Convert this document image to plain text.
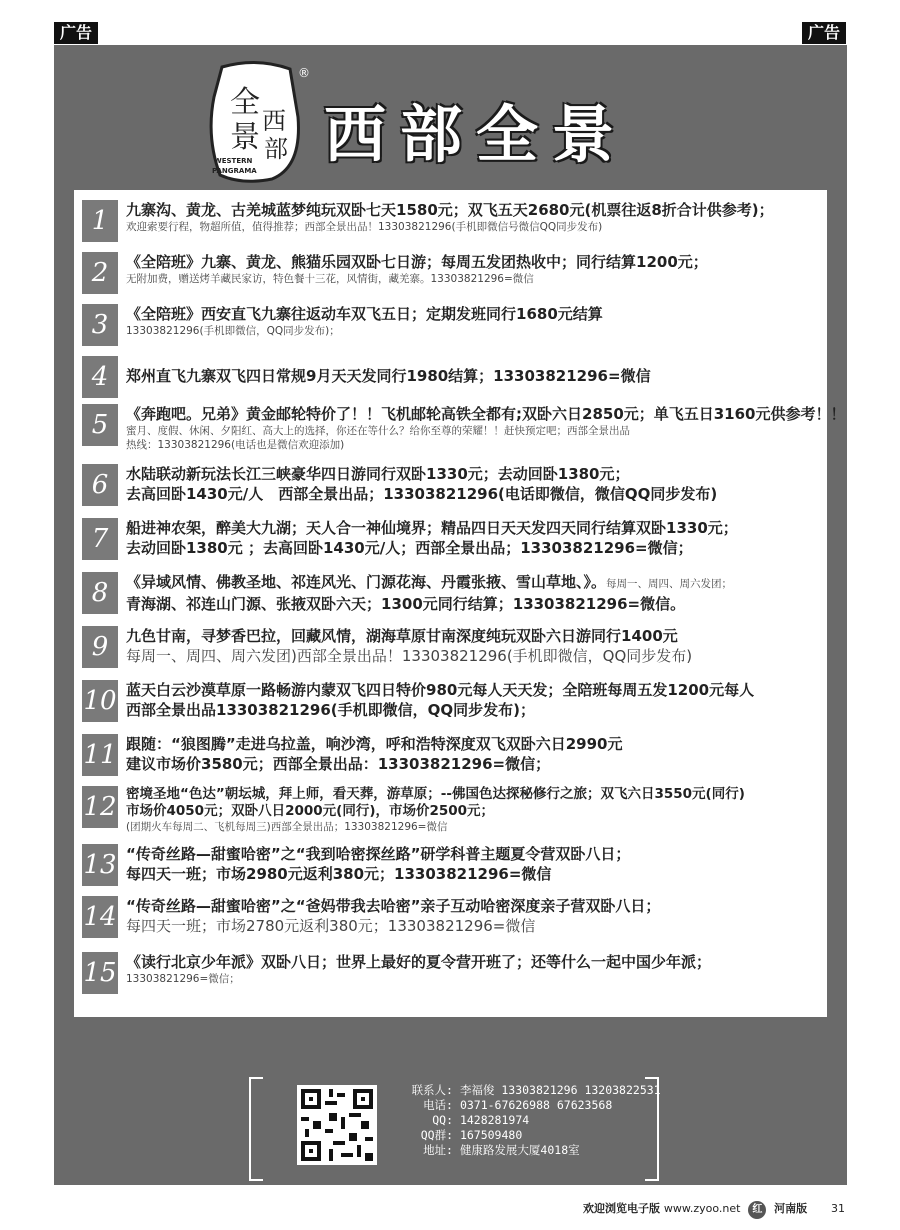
广告	广告
全
景 西
部
WESTERN
PANGRAMA
®
西部全景
1	九寨沟、黄龙、古羌城蓝梦纯玩双卧七天1580元；双飞五天2680元(机票往返8折合计供参考)；
欢迎索要行程，物超所值，值得推荐；西部全景出品！13303821296(手机即微信号微信QQ同步发布)
2	《全陪班》九寨、黄龙、熊猫乐园双卧七日游；每周五发团热收中；同行结算1200元；
无附加费，赠送烤羊藏民家访，特色餐十三花，风情街，藏羌寨。13303821296=微信
3	《全陪班》西安直飞九寨往返动车双飞五日；定期发班同行1680元结算
13303821296(手机即微信，QQ同步发布)；
4	郑州直飞九寨双飞四日常规9月天天发同行1980结算；13303821296=微信
5	《奔跑吧。兄弟》黄金邮轮特价了！！飞机邮轮高铁全都有;双卧六日2850元；单飞五日3160元供参考！！
蜜月、度假、休闲、夕阳红、高大上的选择，你还在等什么？给你至尊的荣耀！！赶快预定吧；西部全景出品
热线：13303821296(电话也是微信欢迎添加)
6	水陆联动新玩法长江三峡豪华四日游同行双卧1330元；去动回卧1380元；
去高回卧1430元/人　西部全景出品；13303821296(电话即微信，微信QQ同步发布)
7	船进神农架，醉美大九湖；天人合一神仙境界；精品四日天天发四天同行结算双卧1330元；
去动回卧1380元 ；去高回卧1430元/人；西部全景出品；13303821296=微信；
8	《异域风情、佛教圣地、祁连风光、门源花海、丹霞张掖、雪山草地、》。每周一、周四、周六发团；
青海湖、祁连山门源、张掖双卧六天；1300元同行结算；13303821296=微信。
9	九色甘南，寻梦香巴拉，回藏风情，湖海草原甘南深度纯玩双卧六日游同行1400元
每周一、周四、周六发团)西部全景出品！13303821296(手机即微信，QQ同步发布)
10 蓝天白云沙漠草原一路畅游内蒙双飞四日特价980元每人天天发；全陪班每周五发1200元每人
西部全景出品13303821296(手机即微信，QQ同步发布)；
11 跟随：“狼图腾”走进乌拉盖，响沙湾，呼和浩特深度双飞双卧六日2990元
建议市场价3580元；西部全景出品：13303821296=微信；
12 密境圣地“色达”朝坛城，拜上师，看天葬，游草原；--佛国色达探秘修行之旅；双飞六日3550元(同行)
市场价4050元；双卧八日2000元(同行)，市场价2500元；
(团期火车每周二、飞机每周三)西部全景出品；13303821296=微信
13 “传奇丝路—甜蜜哈密”之“我到哈密探丝路”研学科普主题夏令营双卧八日；
每四天一班；市场2980元返利380元；13303821296=微信
14 “传奇丝路—甜蜜哈密”之“爸妈带我去哈密”亲子互动哈密深度亲子营双卧八日；
每四天一班；市场2780元返利380元；13303821296=微信
15 《读行北京少年派》双卧八日；世界上最好的夏令营开班了；还等什么一起中国少年派；
13303821296=微信；
联系人: 李福俊 13303821296 13203822531
电话: 0371-67626988 67623568
QQ: 1428281974
QQ群: 167509480
地址: 健康路发展大厦4018室
欢迎浏览电子版 www.zyoo.net 红 河南版 31
